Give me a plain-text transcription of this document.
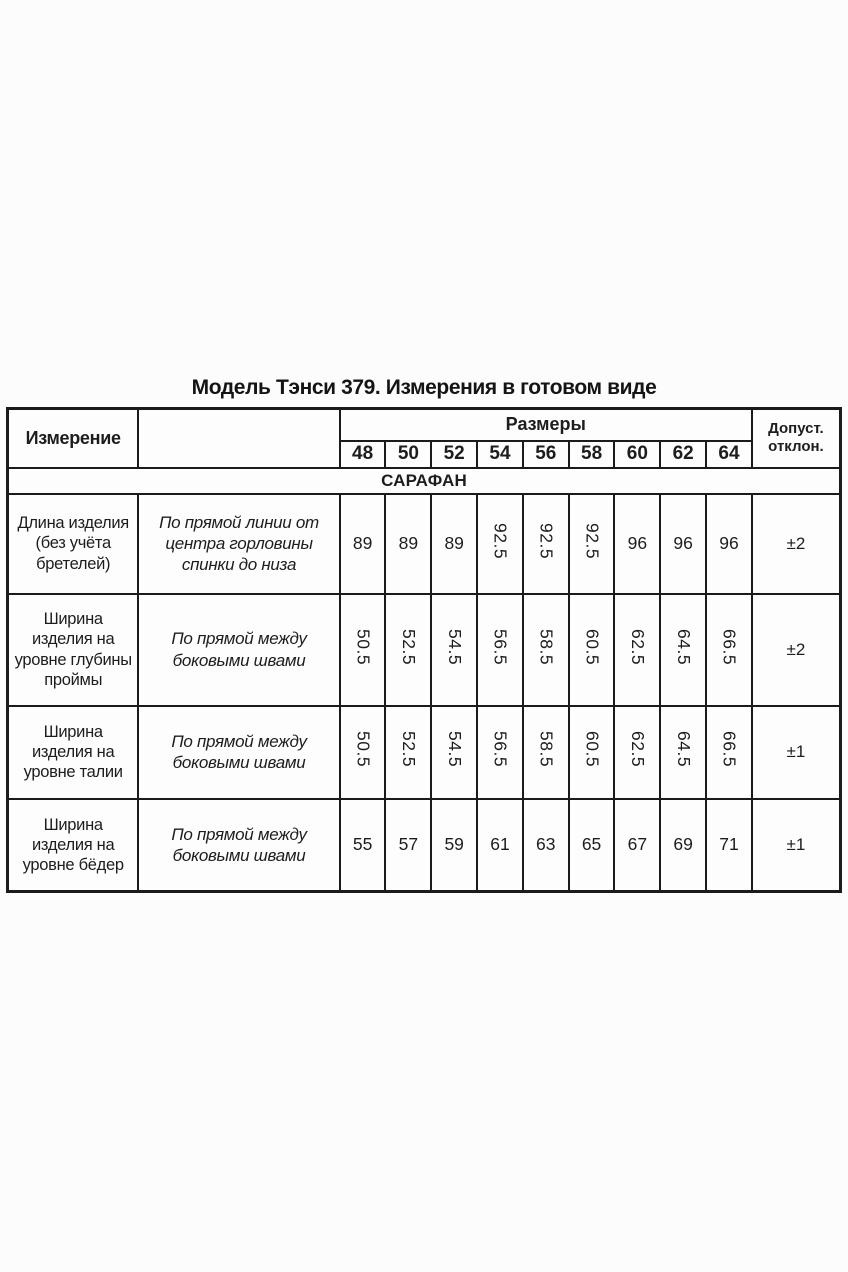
Модель Тэнси 379. Измерения в готовом виде
Измерение		Размеры									Допуст. отклон.
		48	50	52	54	56	58	60	62	64	
САРАФАН											
Длина изделия (без учёта бретелей)	По прямой линии от центра горловины спинки до низа	89	89	89	92.5	92.5	92.5	96	96	96	±2
Ширина изделия на уровне глубины проймы	По прямой между боковыми швами	50.5	52.5	54.5	56.5	58.5	60.5	62.5	64.5	66.5	±2
Ширина изделия на уровне талии	По прямой между боковыми швами	50.5	52.5	54.5	56.5	58.5	60.5	62.5	64.5	66.5	±1
Ширина изделия на уровне бёдер	По прямой между боковыми швами	55	57	59	61	63	65	67	69	71	±1
